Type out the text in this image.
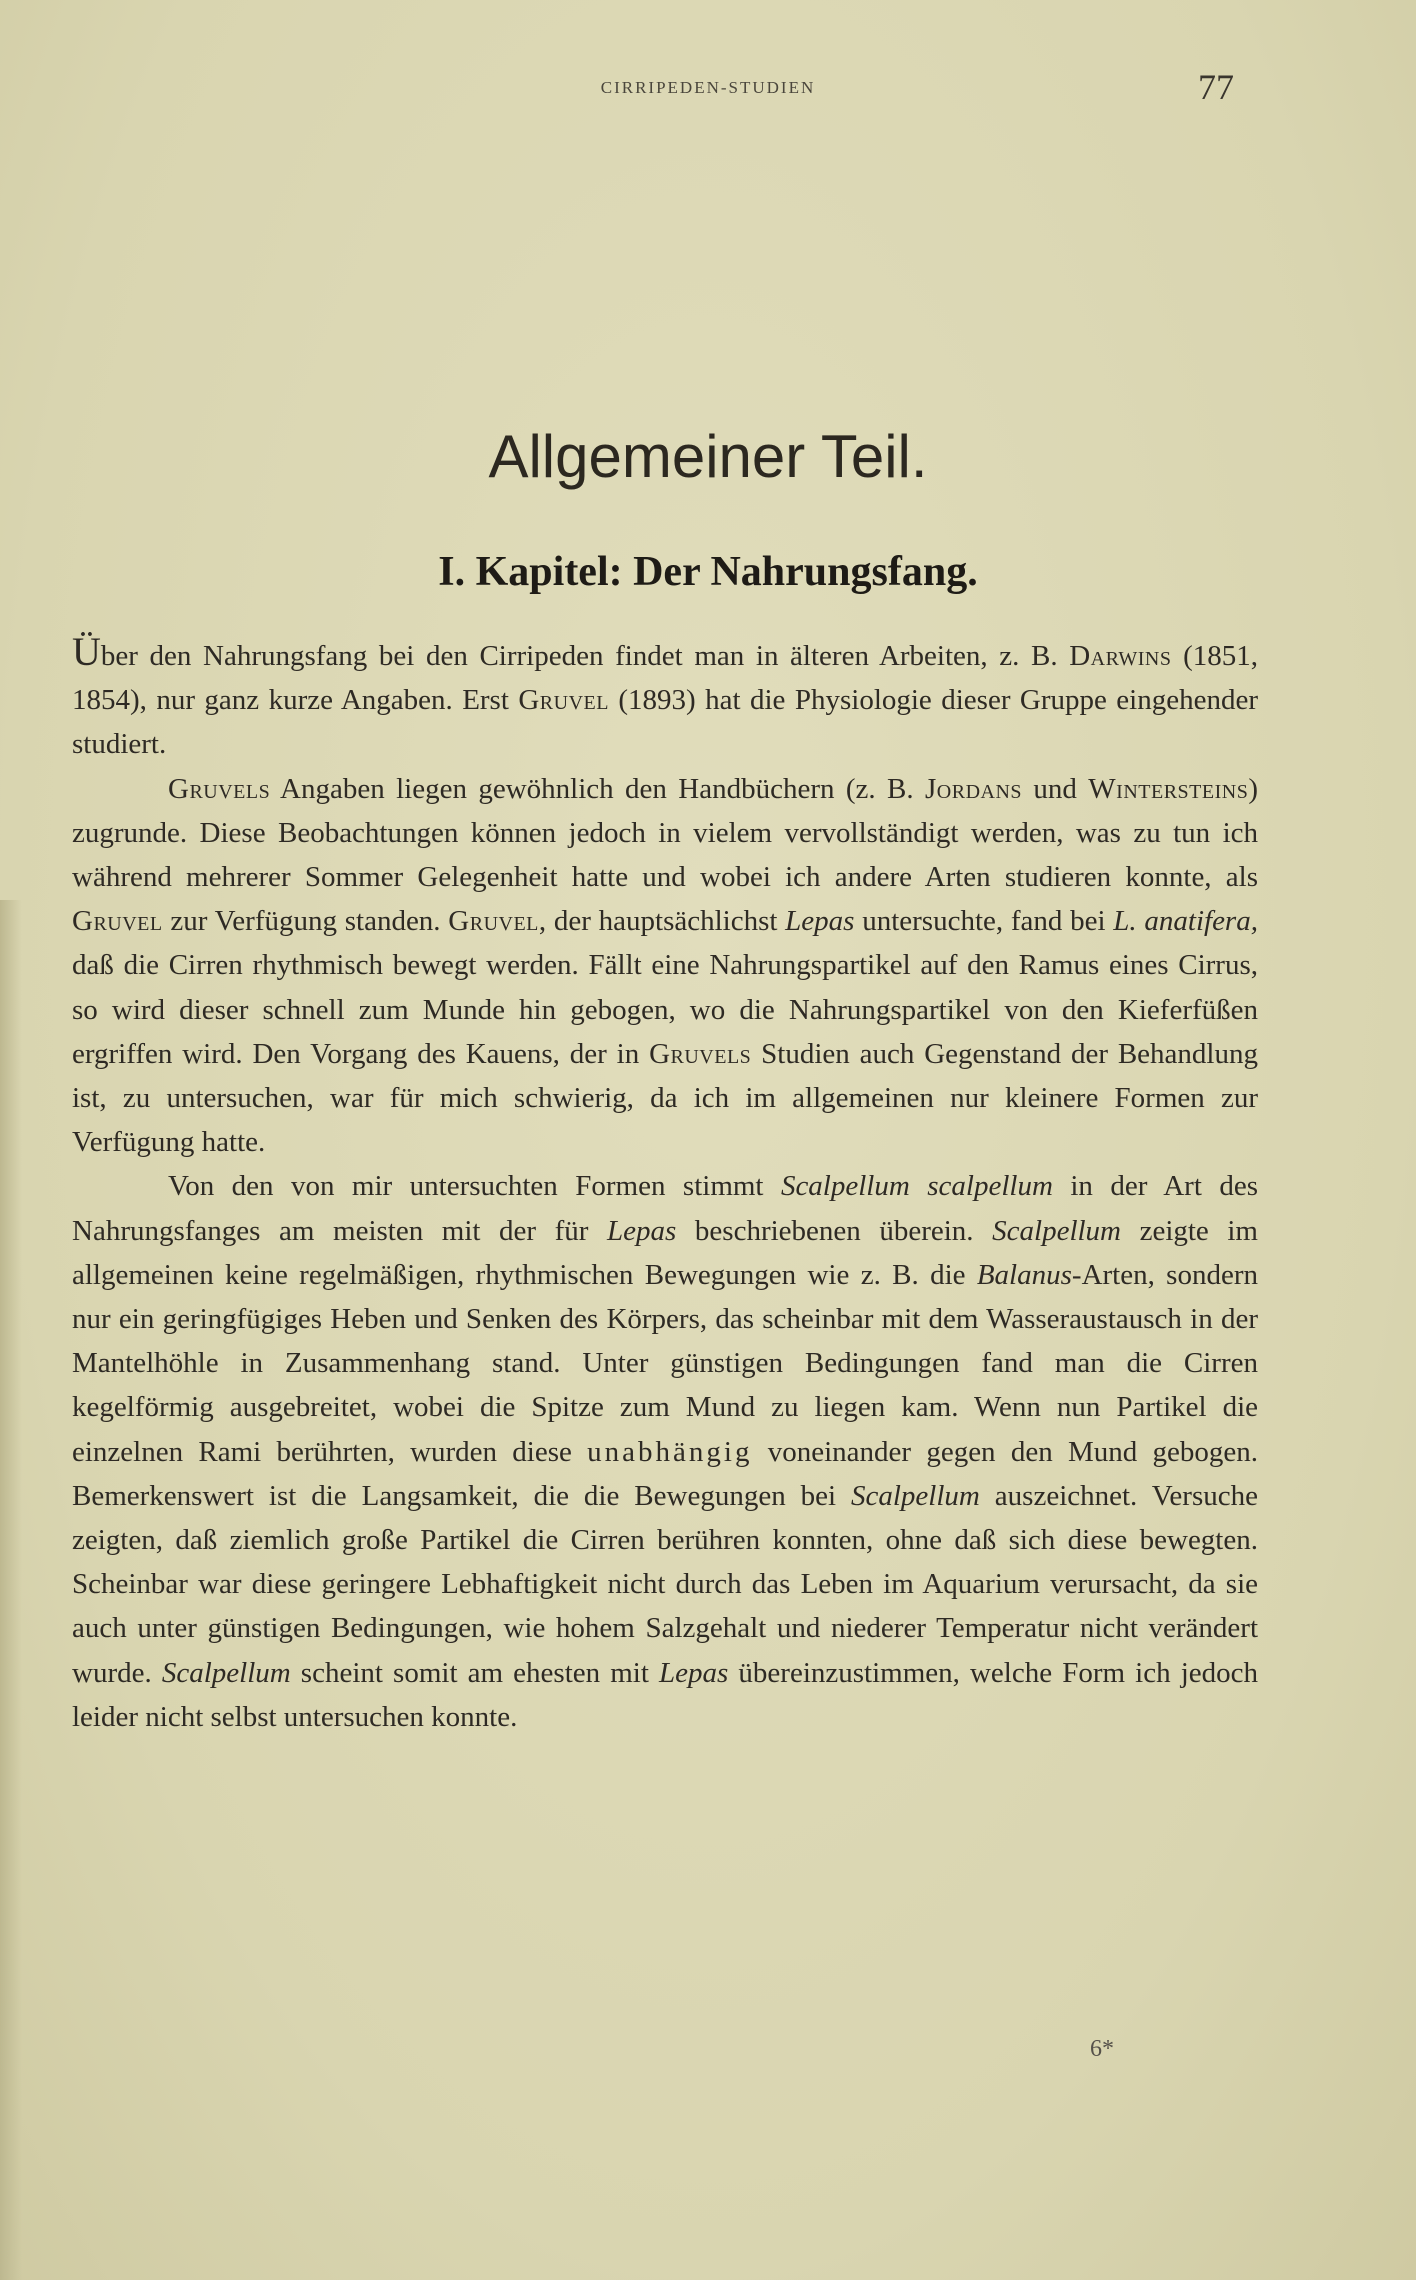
CIRRIPEDEN-STUDIEN	77
Allgemeiner Teil.
I. Kapitel: Der Nahrungsfang.

Über den Nahrungsfang bei den Cirripeden findet man in älteren Arbeiten, z. B. Darwins (1851, 1854), nur ganz kurze Angaben. Erst Gruvel (1893) hat die Physiologie dieser Gruppe eingehender studiert.

Gruvels Angaben liegen gewöhnlich den Handbüchern (z. B. Jordans und Wintersteins) zugrunde. Diese Beobachtungen können jedoch in vielem vervollständigt werden, was zu tun ich während mehrerer Sommer Gelegenheit hatte und wobei ich andere Arten studieren konnte, als Gruvel zur Verfügung standen. Gruvel, der hauptsächlichst Lepas untersuchte, fand bei L. anatifera, daß die Cirren rhythmisch bewegt werden. Fällt eine Nahrungspartikel auf den Ramus eines Cirrus, so wird dieser schnell zum Munde hin gebogen, wo die Nahrungspartikel von den Kieferfüßen ergriffen wird. Den Vorgang des Kauens, der in Gruvels Studien auch Gegenstand der Behandlung ist, zu untersuchen, war für mich schwierig, da ich im allgemeinen nur kleinere Formen zur Verfügung hatte.

Von den von mir untersuchten Formen stimmt Scalpellum scalpellum in der Art des Nahrungsfanges am meisten mit der für Lepas beschriebenen überein. Scalpellum zeigte im allgemeinen keine regelmäßigen, rhythmischen Bewegungen wie z. B. die Balanus-Arten, sondern nur ein geringfügiges Heben und Senken des Körpers, das scheinbar mit dem Wasseraustausch in der Mantelhöhle in Zusammenhang stand. Unter günstigen Bedingungen fand man die Cirren kegelförmig ausgebreitet, wobei die Spitze zum Mund zu liegen kam. Wenn nun Partikel die einzelnen Rami berührten, wurden diese unabhängig voneinander gegen den Mund gebogen. Bemerkenswert ist die Langsamkeit, die die Bewegungen bei Scalpellum auszeichnet. Versuche zeigten, daß ziemlich große Partikel die Cirren berühren konnten, ohne daß sich diese bewegten. Scheinbar war diese geringere Lebhaftigkeit nicht durch das Leben im Aquarium verursacht, da sie auch unter günstigen Bedingungen, wie hohem Salzgehalt und niederer Temperatur nicht verändert wurde. Scalpellum scheint somit am ehesten mit Lepas übereinzustimmen, welche Form ich jedoch leider nicht selbst untersuchen konnte.

6*
